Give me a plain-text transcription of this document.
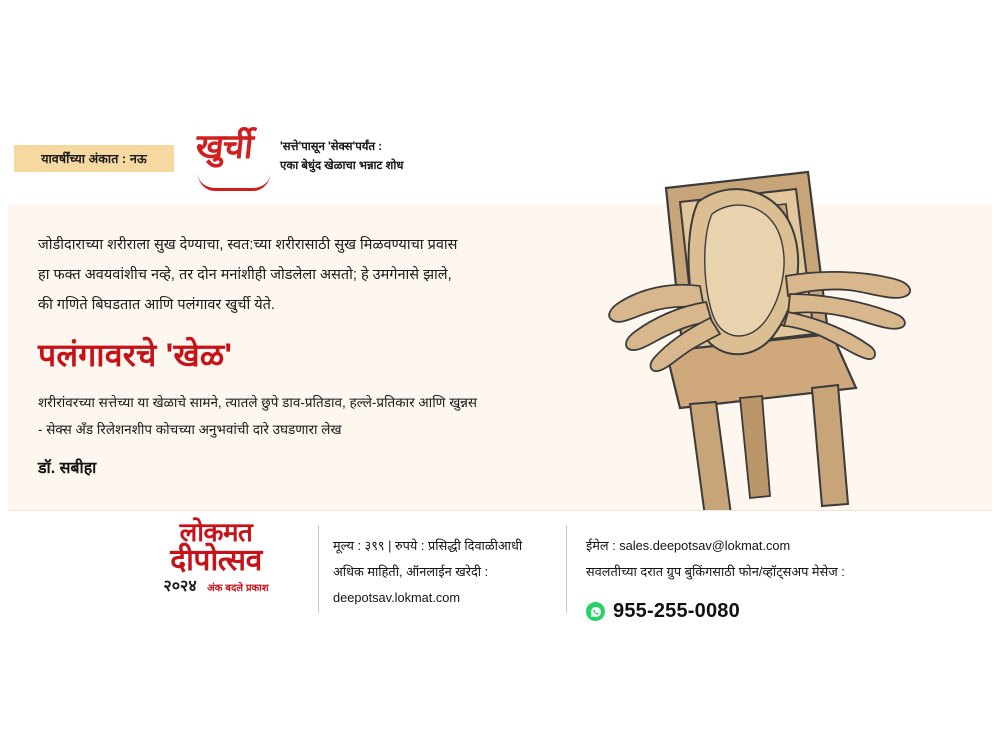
यावर्षींच्या अंकात : नऊ खुर्ची	'सत्ते'पासून 'सेक्स'पर्यंत :
एका बेधुंद खेळाचा भन्नाट शोध

जोडीदाराच्या शरीराला सुख देण्याचा, स्वत:च्या शरीरासाठी सुख मिळवण्याचा प्रवास

हा फक्त अवयवांशीच नव्हे, तर दोन मनांशीही जोडलेला असतो; हे उमगेनासे झाले,

की गणिते बिघडतात आणि पलंगावर खुर्ची येते.

पलंगावरचे 'खेळ'

शरीरांवरच्या सत्तेच्या या खेळाचे सामने, त्यातले छुपे डाव-प्रतिडाव, हल्ले-प्रतिकार आणि खुन्नस

- सेक्स अँड रिलेशनशीप कोचच्या अनुभवांची दारे उघडणारा लेख

डॉ. सबीहा
लोकमत
दीपोत्सव
२०२४ अंक बदले प्रकाश
मूल्य : ३९९ | रुपये : प्रसिद्धी दिवाळीआधी
अधिक माहिती, ऑनलाईन खरेदी :
deepotsav.lokmat.com
ईमेल : sales.deepotsav@lokmat.com
सवलतीच्या दरात ग्रुप बुकिंगसाठी फोन/व्हॉट्सअप मेसेज :
955-255-0080
